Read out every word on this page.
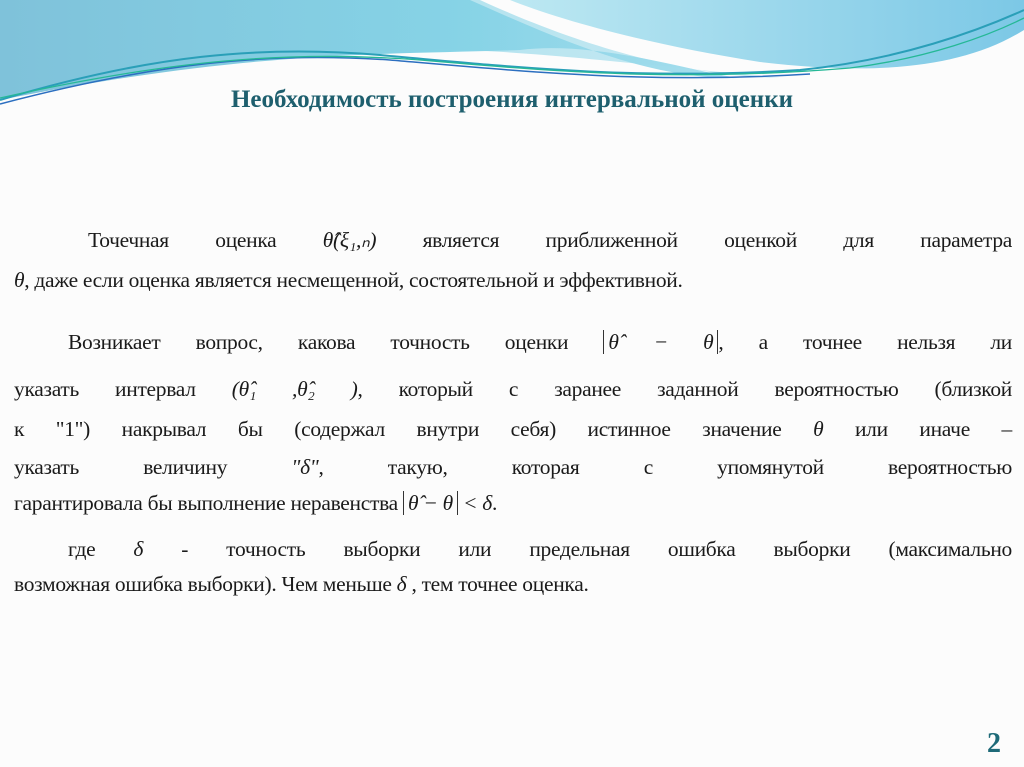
Необходимость построения интервальной оценки
Точечная оценка θ̂(ξ₁,ₙ) является приближенной оценкой для параметра
θ, даже если оценка является несмещенной, состоятельной и эффективной.
Возникает вопрос, какова точность оценки θ̂ − θ , а точнее нельзя ли
указать интервал (θ̂₁ ,θ̂₂ ), который с заранее заданной вероятностью (близкой
к "1") накрывал бы (содержал внутри себя) истинное значение θ или иначе –
указать величину	"δ", такую, которая с упомянутой вероятностью
гарантировала бы выполнение неравенства θ̂ − θ < δ.
где δ - точность выборки или предельная ошибка выборки (максимально
возможная ошибка выборки). Чем меньше δ , тем точнее оценка.
2
